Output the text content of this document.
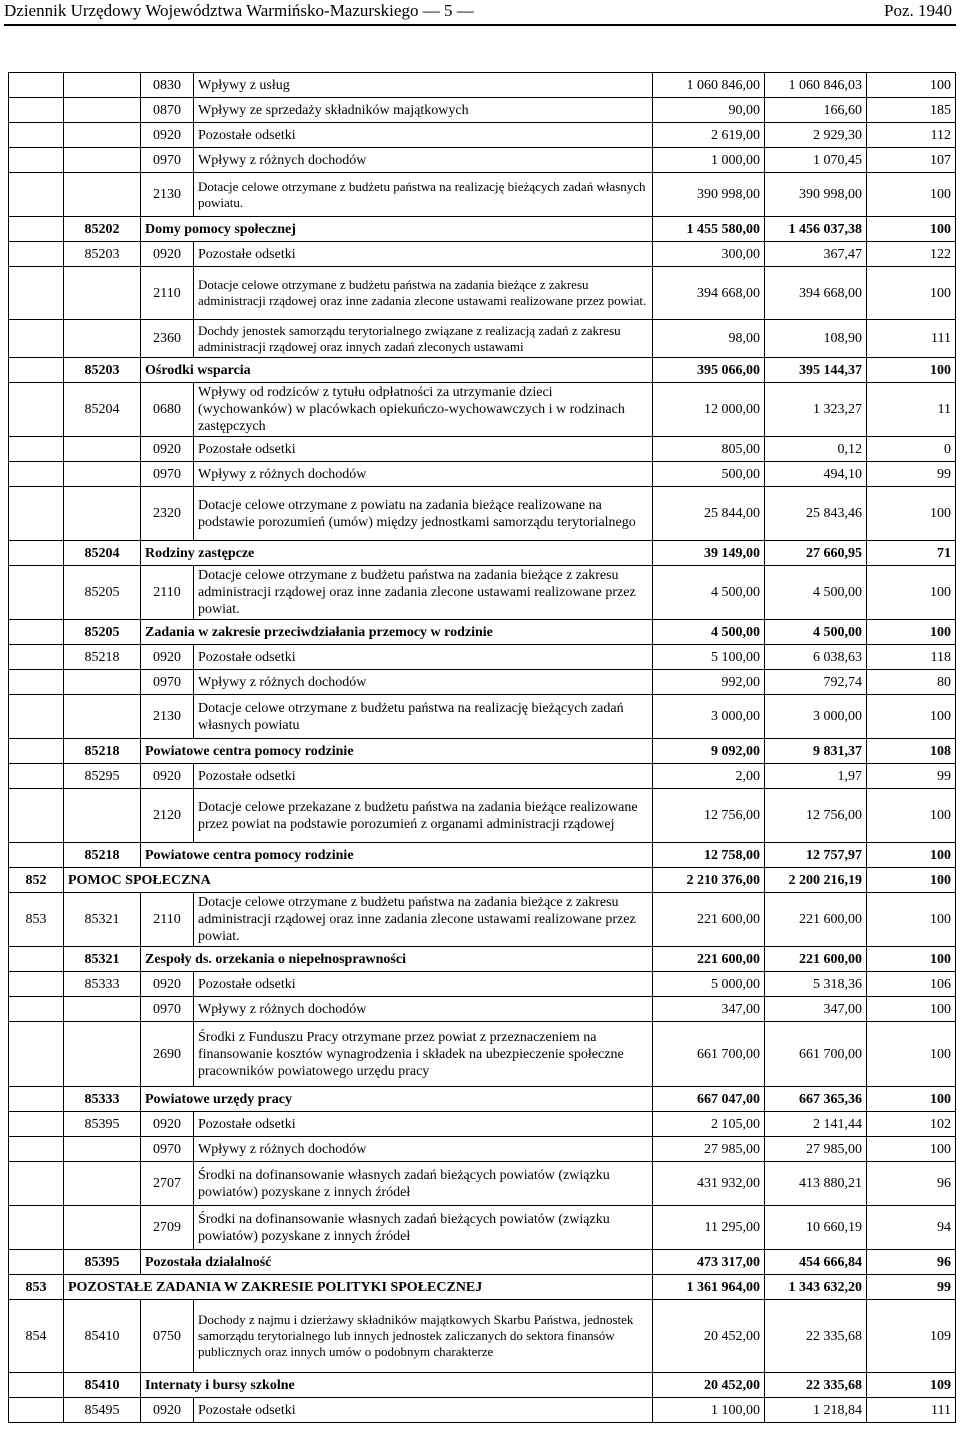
Dziennik Urzędowy Województwa Warmińsko-Mazurskiego — 5 —	Poz. 1940
		0830	Wpływy z usług	1 060 846,00	1 060 846,03	100
		0870	Wpływy ze sprzedaży składników majątkowych	90,00	166,60	185
		0920	Pozostałe odsetki	2 619,00	2 929,30	112
		0970	Wpływy z różnych dochodów	1 000,00	1 070,45	107
		2130	Dotacje celowe otrzymane z budżetu państwa na realizację bieżących zadań własnych powiatu.	390 998,00	390 998,00	100
	85202	Domy pomocy społecznej		1 455 580,00	1 456 037,38	100
	85203	0920	Pozostałe odsetki	300,00	367,47	122
		2110	Dotacje celowe otrzymane z budżetu państwa na zadania bieżące z zakresu administracji rządowej oraz inne zadania zlecone ustawami realizowane przez powiat.	394 668,00	394 668,00	100
		2360	Dochdy jenostek samorządu terytorialnego związane z realizacją zadań z zakresu administracji rządowej oraz innych zadań zleconych ustawami	98,00	108,90	111
	85203	Ośrodki wsparcia		395 066,00	395 144,37	100
	85204	0680	Wpływy od rodziców z tytułu odpłatności za utrzymanie dzieci (wychowanków) w placówkach opiekuńczo-wychowawczych i w rodzinach zastępczych	12 000,00	1 323,27	11
		0920	Pozostałe odsetki	805,00	0,12	0
		0970	Wpływy z różnych dochodów	500,00	494,10	99
		2320	Dotacje celowe otrzymane z powiatu na zadania bieżące realizowane na podstawie porozumień (umów) między jednostkami samorządu terytorialnego	25 844,00	25 843,46	100
	85204	Rodziny zastępcze		39 149,00	27 660,95	71
	85205	2110	Dotacje celowe otrzymane z budżetu państwa na zadania bieżące z zakresu administracji rządowej oraz inne zadania zlecone ustawami realizowane przez powiat.	4 500,00	4 500,00	100
	85205	Zadania w zakresie przeciwdziałania przemocy w rodzinie		4 500,00	4 500,00	100
	85218	0920	Pozostałe odsetki	5 100,00	6 038,63	118
		0970	Wpływy z różnych dochodów	992,00	792,74	80
		2130	Dotacje celowe otrzymane z budżetu państwa na realizację bieżących zadań własnych powiatu	3 000,00	3 000,00	100
	85218	Powiatowe centra pomocy rodzinie		9 092,00	9 831,37	108
	85295	0920	Pozostałe odsetki	2,00	1,97	99
		2120	Dotacje celowe przekazane z budżetu państwa na zadania bieżące realizowane przez powiat na podstawie porozumień z organami administracji rządowej	12 756,00	12 756,00	100
	85218	Powiatowe centra pomocy rodzinie		12 758,00	12 757,97	100
852	POMOC SPOŁECZNA			2 210 376,00	2 200 216,19	100
853	85321	2110	Dotacje celowe otrzymane z budżetu państwa na zadania bieżące z zakresu administracji rządowej oraz inne zadania zlecone ustawami realizowane przez powiat.	221 600,00	221 600,00	100
	85321	Zespoły ds. orzekania o niepełnosprawności		221 600,00	221 600,00	100
	85333	0920	Pozostałe odsetki	5 000,00	5 318,36	106
		0970	Wpływy z różnych dochodów	347,00	347,00	100
		2690	Środki z Funduszu Pracy otrzymane przez powiat z przeznaczeniem na finansowanie kosztów wynagrodzenia i składek na ubezpieczenie społeczne pracowników powiatowego urzędu pracy	661 700,00	661 700,00	100
	85333	Powiatowe urzędy pracy		667 047,00	667 365,36	100
	85395	0920	Pozostałe odsetki	2 105,00	2 141,44	102
		0970	Wpływy z różnych dochodów	27 985,00	27 985,00	100
		2707	Środki na dofinansowanie własnych zadań bieżących powiatów (związku powiatów) pozyskane z innych źródeł	431 932,00	413 880,21	96
		2709	Środki na dofinansowanie własnych zadań bieżących powiatów (związku powiatów) pozyskane z innych źródeł	11 295,00	10 660,19	94
	85395	Pozostała działalność		473 317,00	454 666,84	96
853	POZOSTAŁE ZADANIA W ZAKRESIE POLITYKI SPOŁECZNEJ			1 361 964,00	1 343 632,20	99
854	85410	0750	Dochody z najmu i dzierżawy składników majątkowych Skarbu Państwa, jednostek samorządu terytorialnego lub innych jednostek zaliczanych do sektora finansów publicznych oraz innych umów o podobnym charakterze	20 452,00	22 335,68	109
	85410	Internaty i bursy szkolne		20 452,00	22 335,68	109
	85495	0920	Pozostałe odsetki	1 100,00	1 218,84	111
